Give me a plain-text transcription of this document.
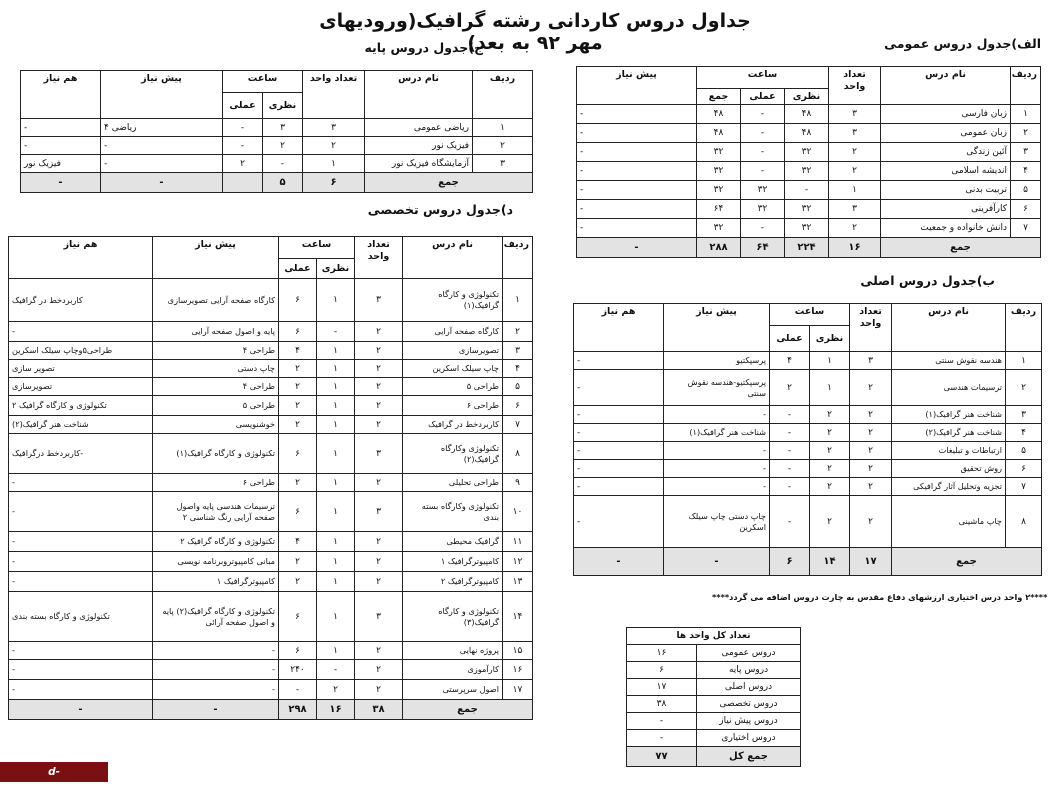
جداول دروس کاردانی رشته گرافیک(ورودیهای مهر ۹۲ به بعد)	الف)جدول دروس عمومی
ردیف	نام درس	تعداد واحد	ساعت			پیش نیاز
			نظری	عملی	جمع	
۱	زبان فارسی	۳	۴۸	-	۴۸	-
۲	زبان عمومی	۳	۴۸	-	۴۸	-
۳	آئین زندگی	۲	۳۲	-	۳۲	-
۴	اندیشه اسلامی	۲	۳۲	-	۳۲	-
۵	تربیت بدنی	۱	-	۳۲	۳۲	-
۶	کارآفرینی	۳	۳۲	۳۲	۶۴	-
۷	دانش خانواده و جمعیت	۲	۳۲	-	۳۲	-
جمع		۱۶	۲۲۴	۶۴	۲۸۸	-
ج)جدول دروس پایه
ردیف	نام درس	تعداد واحد	ساعت		پیش نیاز	هم نیاز
			نظری	عملی		
۱	ریاضی عمومی	۳	۳	-	ریاضی ۴	-
۲	فیزیک نور	۲	۲	-	-	-
۳	آزمایشگاه فیزیک نور	۱	-	۲	-	فیزیک نور
جمع		۶	۵		-	-
ب)جدول دروس اصلی
ردیف	نام درس	تعداد واحد	ساعت		پیش نیاز	هم نیاز
			نظری	عملی		
۱	هندسه نقوش سنتی	۳	۱	۴	پرسپکتیو	-
۲	ترسیمات هندسی	۲	۱	۲	پرسپکتیو-هندسه نقوش سنتی	-
۳	شناخت هنر گرافیک(۱)	۲	۲	-	-	-
۴	شناخت هنر گرافیک(۲)	۲	۲	-	شناخت هنر گرافیک(۱)	-
۵	ارتباطات و تبلیغات	۲	۲	-	-	-
۶	روش تحقیق	۲	۲	-	-	-
۷	تجزیه وتحلیل آثار گرافیکی	۲	۲	-	-	-
۸	چاپ ماشینی	۲	۲	-	چاپ دستی چاپ سیلک اسکرین	-
جمع		۱۷	۱۴	۶	-	-
د)جدول دروس تخصصی
ردیف	نام درس	تعداد واحد	ساعت		پیش نیاز	هم نیاز
			نظری	عملی		
۱	تکنولوژی و کارگاه گرافیک(۱)	۳	۱	۶	کارگاه صفحه آرایی تصویرسازی	کاربردخط در گرافیک
۲	کارگاه صفحه آرایی	۲	-	۶	پایه و اصول صفحه آرایی	-
۳	تصویرسازی	۲	۱	۴	طراحی ۴	طراحی۵وچاپ سیلک اسکرین
۴	چاپ سیلک اسکرین	۲	۱	۲	چاپ دستی	تصویر سازی
۵	طراحی ۵	۲	۱	۲	طراحی ۴	تصویرسازی
۶	طراحی ۶	۲	۱	۲	طراحی ۵	تکنولوژی و کارگاه گرافیک ۲
۷	کاربردخط در گرافیک	۲	۱	۲	خوشنویسی	شناخت هنر گرافیک(۲)
۸	تکنولوژی وکارگاه گرافیک(۲)	۳	۱	۶	تکنولوژی و کارگاه گرافیک(۱)	-کاربردخط درگرافیک
۹	طراحی تحلیلی	۲	۱	۲	طراحی ۶	-
۱۰	تکنولوژی وکارگاه بسته بندی	۳	۱	۶	ترسیمات هندسی پایه واصول صفحه آرایی رنگ شناسی ۲	-
۱۱	گرافیک محیطی	۲	۱	۴	تکنولوژی و کارگاه گرافیک ۲	-
۱۲	کامپیوترگرافیک ۱	۲	۱	۲	مبانی کامپیوتروبرنامه نویسی	-
۱۳	کامپیوترگرافیک ۲	۲	۱	۲	کامپیوترگرافیک ۱	-
۱۴	تکنولوژی و کارگاه گرافیک(۳)	۳	۱	۶	تکنولوژی و کارگاه گرافیک(۲) پایه و اصول صفحه آرائی	تکنولوژی و کارگاه بسته بندی
۱۵	پروژه نهایی	۲	۱	۶	-	-
۱۶	کارآموزی	۲	-	۲۴۰	-	-
۱۷	اصول سرپرستی	۲	۲	-	-	-
جمع		۳۸	۱۶	۲۹۸	-	-
****۲ واحد درس اختیاری ارزشهای دفاع مقدس به چارت دروس اضافه می گردد****
تعداد کل واحد ها	
دروس عمومی	۱۶
دروس پایه	۶
دروس اصلی	۱۷
دروس تخصصی	۳۸
دروس پیش نیاز	-
دروس اختیاری	-
جمع کل	۷۷
d-semnan.tvu.ac.ir
